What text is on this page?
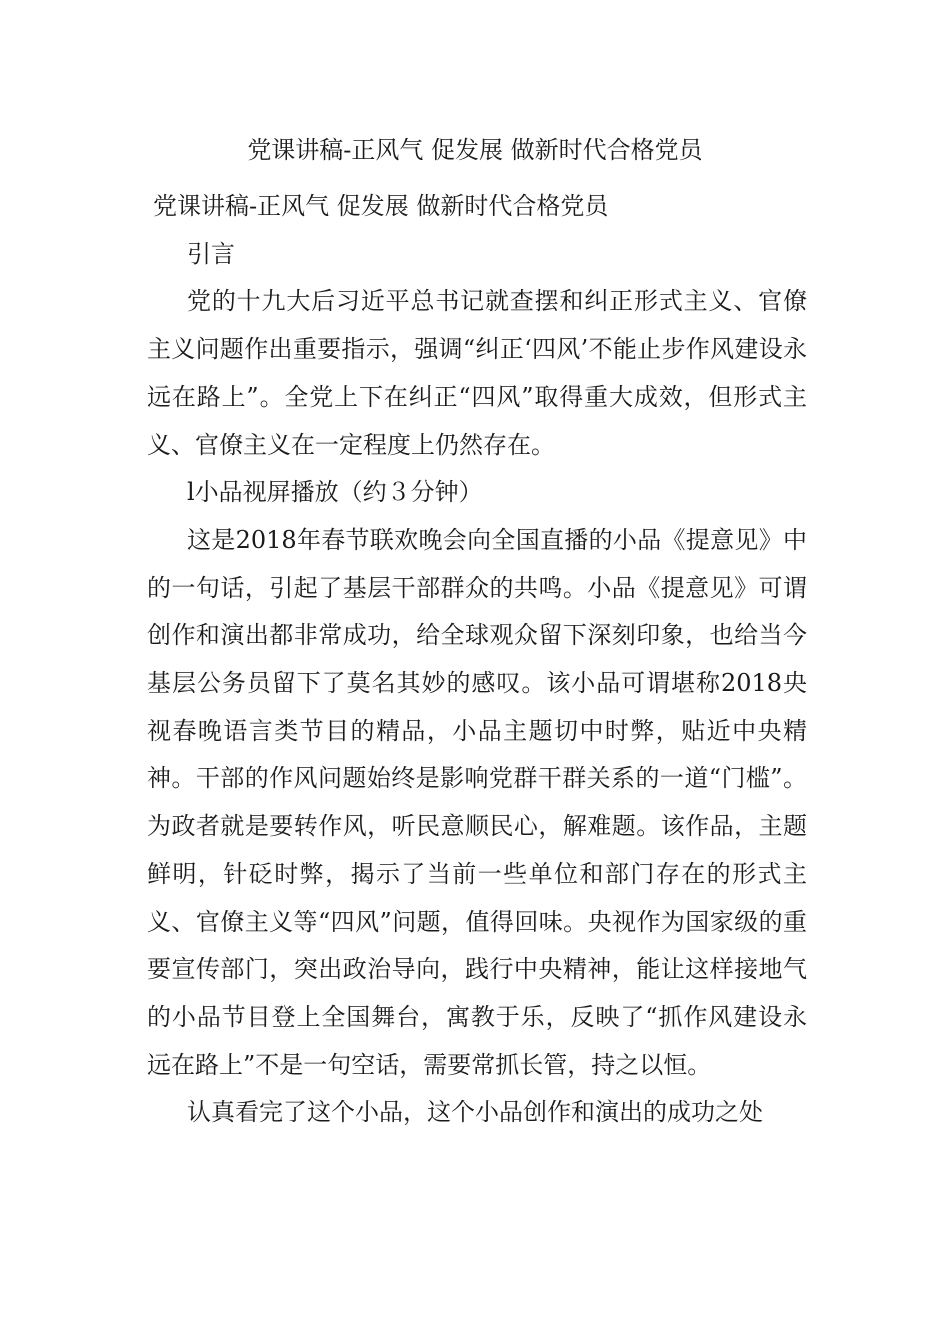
党课讲稿-正风气 促发展 做新时代合格党员

党课讲稿-正风气 促发展 做新时代合格党员

引言

党的十九大后习近平总书记就查摆和纠正形式主义、官僚主义问题作出重要指示，强调“纠正‘四风’不能止步作风建设永远在路上”。全党上下在纠正“四风”取得重大成效，但形式主义、官僚主义在一定程度上仍然存在。

l小品视屏播放（约３分钟）

这是2018年春节联欢晚会向全国直播的小品《提意见》中的一句话，引起了基层干部群众的共鸣。小品《提意见》可谓创作和演出都非常成功，给全球观众留下深刻印象，也给当今基层公务员留下了莫名其妙的感叹。该小品可谓堪称2018央视春晚语言类节目的精品，小品主题切中时弊，贴近中央精神。干部的作风问题始终是影响党群干群关系的一道“门槛”。为政者就是要转作风，听民意顺民心，解难题。该作品，主题鲜明，针砭时弊，揭示了当前一些单位和部门存在的形式主义、官僚主义等“四风”问题，值得回味。央视作为国家级的重要宣传部门，突出政治导向，践行中央精神，能让这样接地气的小品节目登上全国舞台，寓教于乐，反映了“抓作风建设永远在路上”不是一句空话，需要常抓长管，持之以恒。

认真看完了这个小品，这个小品创作和演出的成功之处
